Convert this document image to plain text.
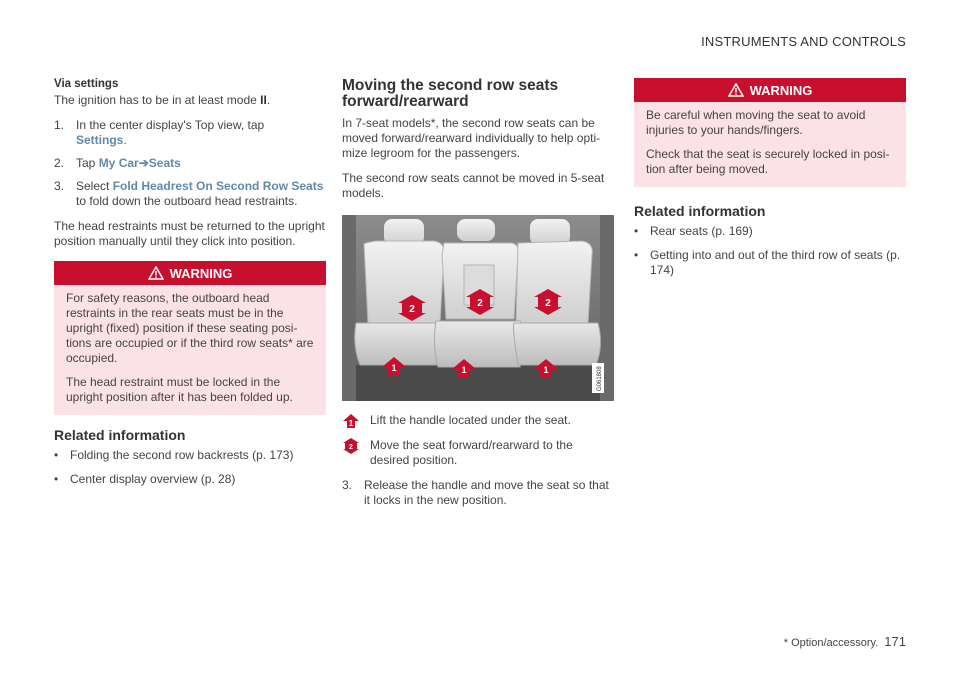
INSTRUMENTS AND CONTROLS
Via settings

The ignition has to be in at least mode II.

1. In the center display's Top view, tap
Settings.
2. Tap My Car➔Seats
3. Select Fold Headrest On Second Row Seats to fold down the outboard head restraints.

The head restraints must be returned to the upright position manually until they click into position.

WARNING

For safety reasons, the outboard head restraints in the rear seats must be in the upright (fixed) position if these seating posi- tions are occupied or if the third row seats* are occupied.

The head restraint must be locked in the upright position after it has been folded up.

Related information
• Folding the second row backrests (p. 173)
• Center display overview (p. 28)
Moving the second row seats forward/rearward

In 7-seat models*, the second row seats can be moved forward/rearward individually to help opti- mize legroom for the passengers.

The second row seats cannot be moved in 5-seat models.

2
2	2
1	1	1	G061808
1 Lift the handle located under the seat.
2 Move the seat forward/rearward to the desired position.
3. Release the handle and move the seat so that it locks in the new position.
WARNING

Be careful when moving the seat to avoid injuries to your hands/fingers.

Check that the seat is securely locked in posi- tion after being moved.

Related information
• Rear seats (p. 169)
• Getting into and out of the third row of seats (p. 174)
* Option/accessory. 171
